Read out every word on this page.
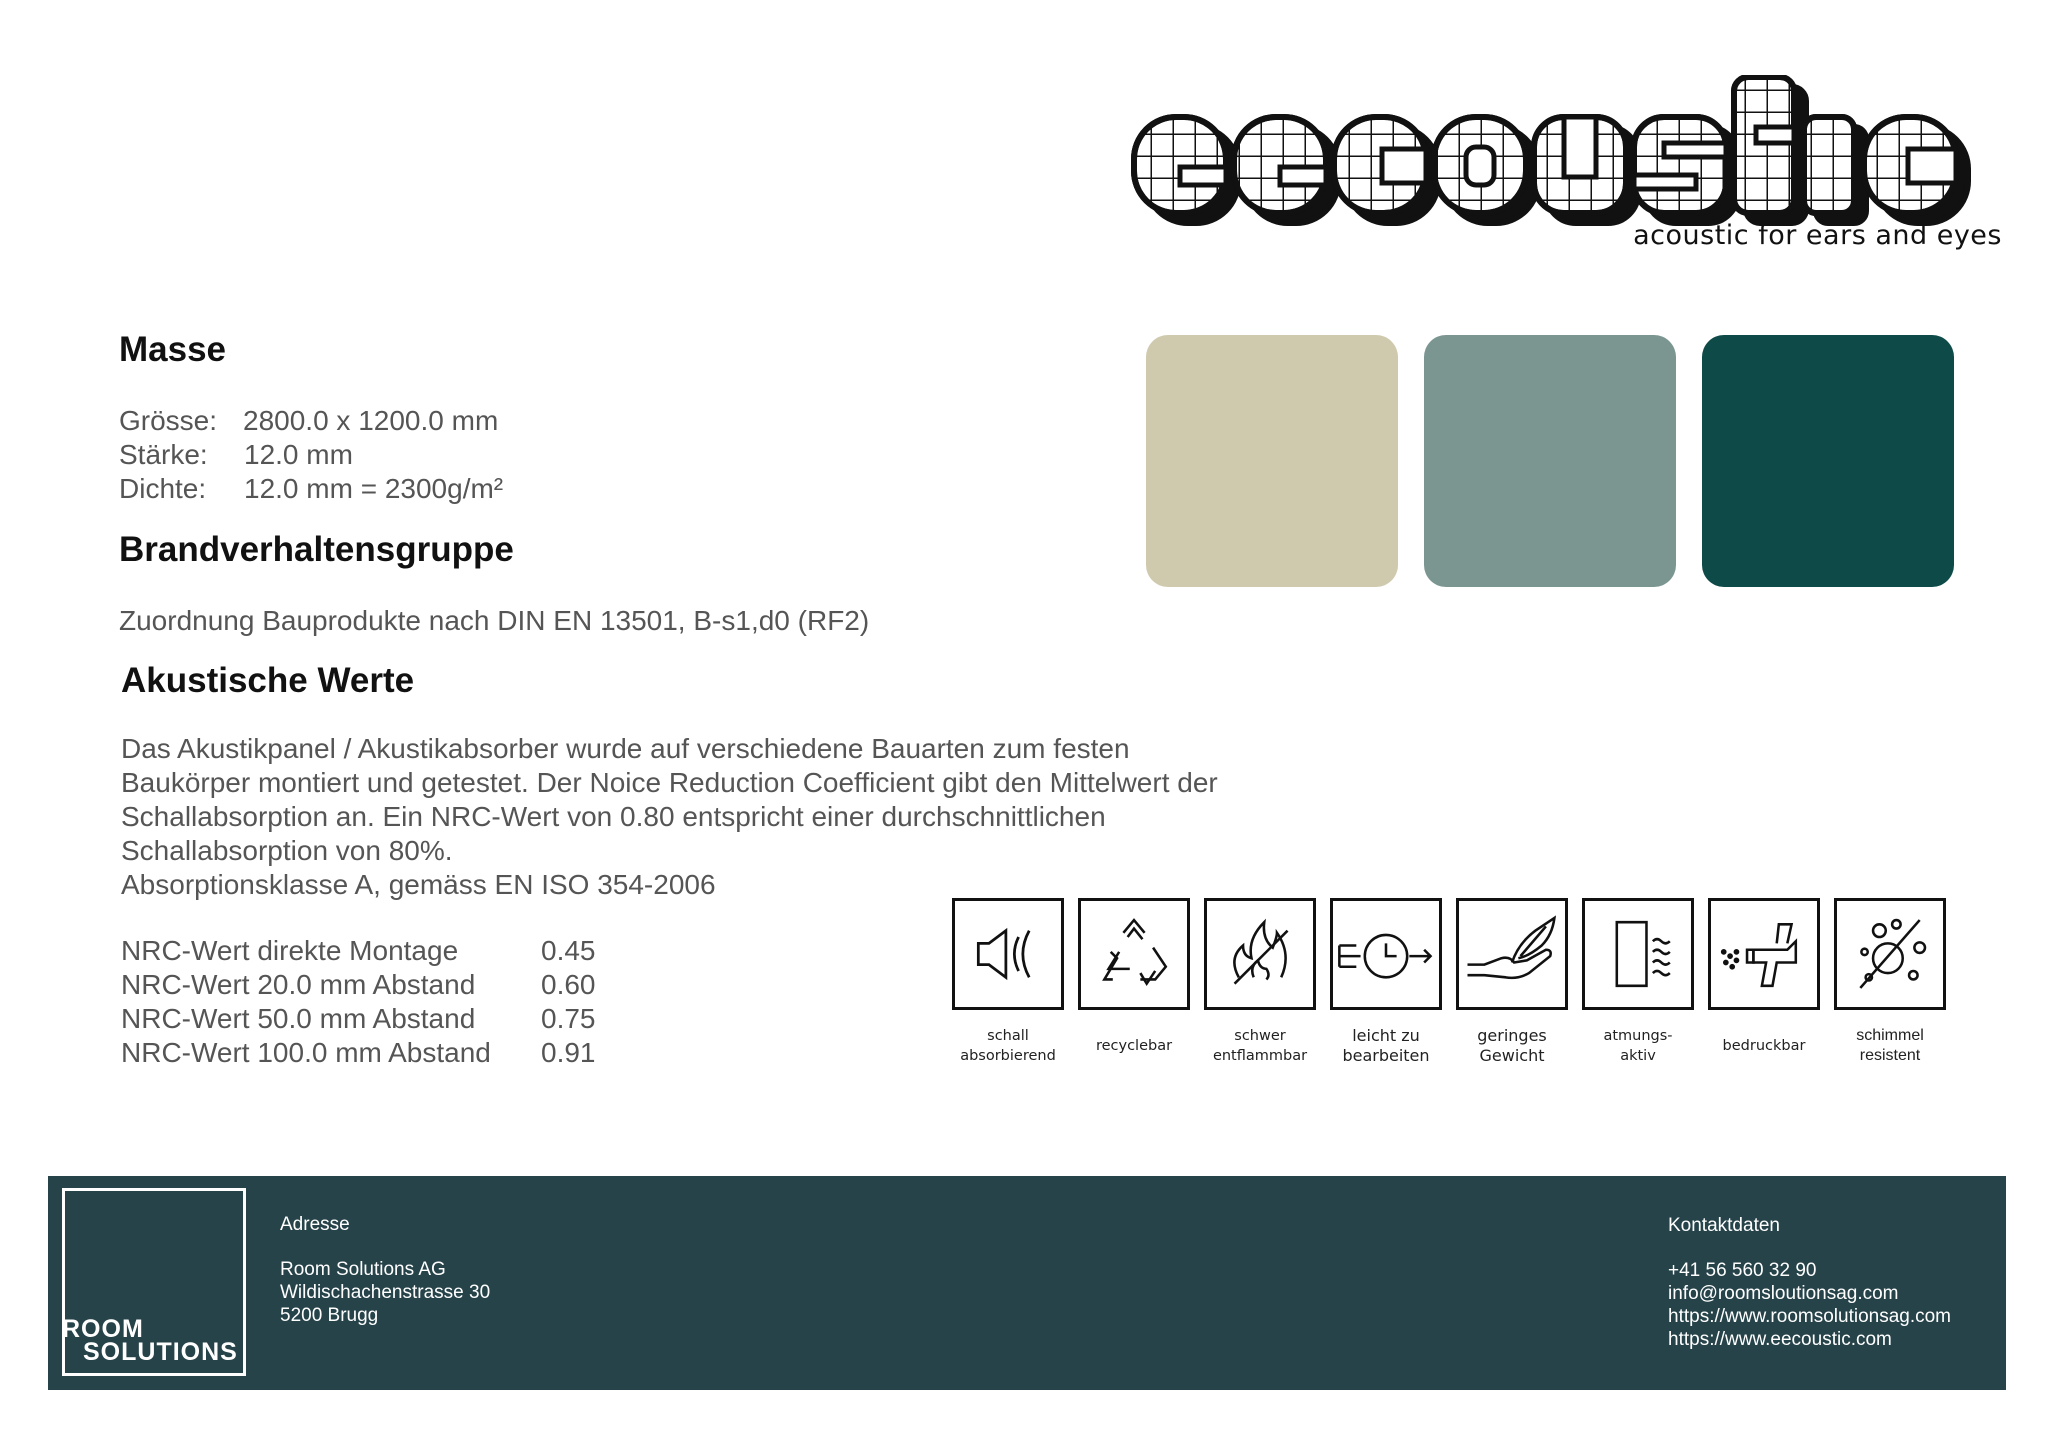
eecoustic
acoustic for ears and eyes
Masse
Grösse: 2800.0 x 1200.0 mm
Stärke:	12.0 mm
Dichte:	12.0 mm = 2300g/m²
Brandverhaltensgruppe
Zuordnung Bauprodukte nach DIN EN 13501, B-s1,d0 (RF2)
Akustische Werte
Das Akustikpanel / Akustikabsorber wurde auf verschiedene Bauarten zum festen
Baukörper montiert und getestet. Der Noice Reduction Coefficient gibt den Mittelwert der
Schallabsorption an. Ein NRC-Wert von 0.80 entspricht einer durchschnittlichen
Schallabsorption von 80%.
Absorptionsklasse A, gemäss EN ISO 354-2006
NRC-Wert direkte Montage	0.45
NRC-Wert 20.0 mm Abstand	0.60
NRC-Wert 50.0 mm Abstand	0.75
NRC-Wert 100.0 mm Abstand	0.91
schall
absorbierend
recyclebar
schwer
entflammbar
leicht zu
bearbeiten
geringes
Gewicht
atmungs-
aktiv
bedruckbar
schimmel
resistent
ROOM
SOLUTIONS
Adresse
Room Solutions AG
Wildischachenstrasse 30
5200 Brugg
Kontaktdaten
+41 56 560 32 90
info@roomsloutionsag.com
https://www.roomsolutionsag.com
https://www.eecoustic.com
